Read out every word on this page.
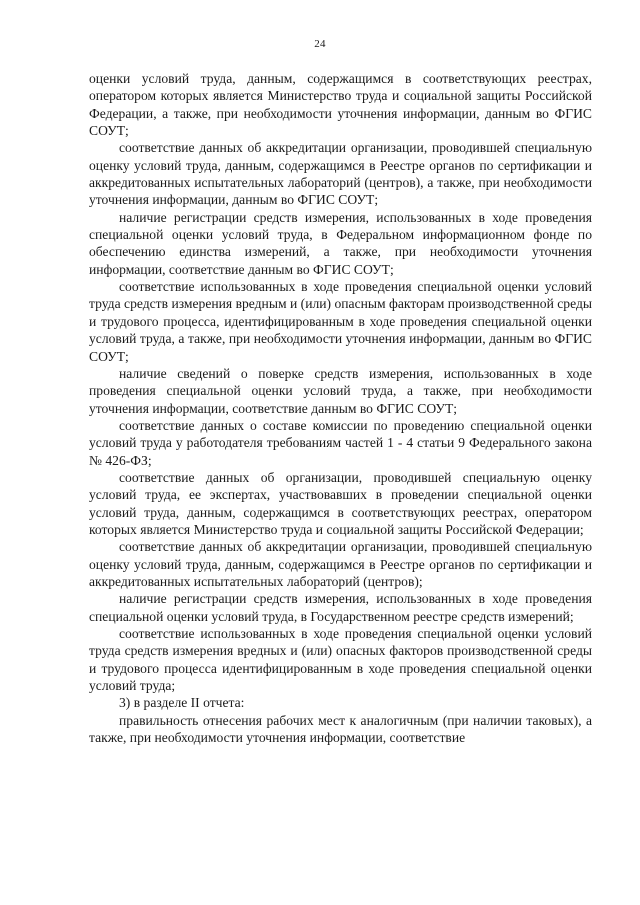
24

оценки условий труда, данным, содержащимся в соответствующих реестрах, оператором которых является Министерство труда и социальной защиты Российской Федерации, а также, при необходимости уточнения информации, данным во ФГИС СОУТ;

соответствие данных об аккредитации организации, проводившей специальную оценку условий труда, данным, содержащимся в Реестре органов по сертификации и аккредитованных испытательных лабораторий (центров), а также, при необходимости уточнения информации, данным во ФГИС СОУТ;

наличие регистрации средств измерения, использованных в ходе проведения специальной оценки условий труда, в Федеральном информационном фонде по обеспечению единства измерений, а также, при необходимости уточнения информации, соответствие данным во ФГИС СОУТ;

соответствие использованных в ходе проведения специальной оценки условий труда средств измерения вредным и (или) опасным факторам производственной среды и трудового процесса, идентифицированным в ходе проведения специальной оценки условий труда, а также, при необходимости уточнения информации, данным во ФГИС СОУТ;

наличие сведений о поверке средств измерения, использованных в ходе проведения специальной оценки условий труда, а также, при необходимости уточнения информации, соответствие данным во ФГИС СОУТ;

соответствие данных о составе комиссии по проведению специальной оценки условий труда у работодателя требованиям частей 1 - 4 статьи 9 Федерального закона № 426-ФЗ;

соответствие данных об организации, проводившей специальную оценку условий труда, ее экспертах, участвовавших в проведении специальной оценки условий труда, данным, содержащимся в соответствующих реестрах, оператором которых является Министерство труда и социальной защиты Российской Федерации;

соответствие данных об аккредитации организации, проводившей специальную оценку условий труда, данным, содержащимся в Реестре органов по сертификации и аккредитованных испытательных лабораторий (центров);

наличие регистрации средств измерения, использованных в ходе проведения специальной оценки условий труда, в Государственном реестре средств измерений;

соответствие использованных в ходе проведения специальной оценки условий труда средств измерения вредных и (или) опасных факторов производственной среды и трудового процесса идентифицированным в ходе проведения специальной оценки условий труда;

3) в разделе II отчета:

правильность отнесения рабочих мест к аналогичным (при наличии таковых), а также, при необходимости уточнения информации, соответствие
